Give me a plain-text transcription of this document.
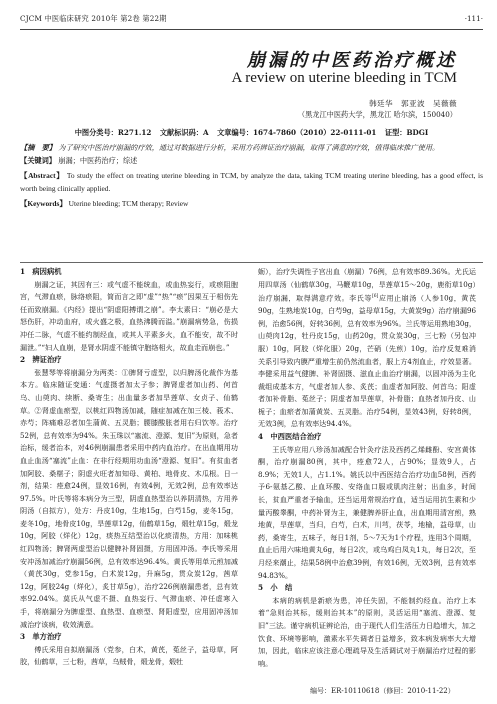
CJCM 中医临床研究 2010年 第2卷 第22期	·111·
崩漏的中医药治疗概述
A review on uterine bleeding in TCM
韩廷华　郭亚波　吴薇薇
（黑龙江中医药大学，黑龙江 哈尔滨，150040）
中图分类号：R271.12 文献标识码：A 文章编号：1674-7860（2010）22-0111-01 证型：BDGI

【摘　要】 为了研究中医治疗崩漏的疗效，通过对数据进行分析，采用方药辨证治疗崩漏，取得了满意的疗效，值得临床推广使用。

【关键词】 崩漏；中医药治疗；综述

【Abstract】 To study the effect on treating uterine bleeding in TCM, by analyze the data, taking TCM treating uterine bleeding, has a good effect, is worth being clinically applied.

【Keywords】 Uterine bleeding; TCM therapy; Review

1　病因病机

崩漏之证，其因有三：或气虚不能统血，或血热妄行，或瘀阻胞宫，气滞血瘀，脉络瘀阻，简而言之即“虚”“热”“瘀”因果互于相伤先任而致崩漏。《内经》提出“阴虚阳搏谓之崩”。李太素曰：“崩必是大怒伤肝，冲动血府，或火盛之极，血热沸腾而溢。”崩漏病势急，伤损冲任二脉，气虚不能约制经血，或其人平素多火，血不能安，故不时漏泄。”“妇人血崩，是肾水阴虚不能镇守胞络相火，故血走而崩也。”

2　辨证治疗

张慧琴等将崩漏分为两类：①脾肾亏虚型，以归脾汤化裁作为基本方。临床随证变通：气虚摄者加太子参；脾肾虚者加山药、何首乌、山萸肉、续断、桑寄生；出血量多者加旱莲草、女贞子、仙鹤草。②肾虚血瘀型，以桃红四物汤加减，随症加减在加三棱、莪术、赤芍；阵痛难忍者加生蒲黄、五灵脂；腰膝酸胀者用右归饮等。治疗52例，总有效率为94%。朱玉珠以“塞流、澄源、复旧”为原则，急者治标，缓者治本，对46例崩漏患者采用中药内血治疗。在出血期用功血止血汤“塞流”止血：在非行经期用功血汤“澄源、复旧”。有贫血者加阿胶、桑椹子；阴虚火旺者加知母、黄柏、地骨皮、木瓜根。日一剂，结果：痊愈24例，显效16例，有效4例，无效2例，总有效率达97.5%。叶氏等将本病分为三型，阴虚血热型治以养阴清热，方用养阴汤（自拟方），处方：丹皮10g，生地15g，白芍15g，麦冬15g，麦冬10g，地骨皮10g，旱莲草12g，仙鹤草15g，煅牡草15g，煅龙10g，阿胶（烊化）12g，痰热互结型治以化痰清热，方用：加味桃红四物汤；脾肾两虚型治以健脾补肾固摄，方用固冲汤。李氏等采用安冲汤加减治疗崩漏56例，总有效率达96.4%。黄氏等用单元煎加减（黄芪30g，党参15g，白术炭12g，升麻5g，贯众炭12g，茜草12g，阿胶24g（烊化），炙甘草5g），治疗226例崩漏患者，总有效率92.04%。莫氏从气虚不摄、血热妄行、气滞血瘀、冲任虚寒入手，将崩漏分为脾虚型、血热型、血瘀型、肾阳虚型，应用固冲汤加减治疗该病，收效满意。

3　单方治疗

傅氏采用自拟崩漏汤（党参，白术，黄芪，菟丝子，益母草，阿胶，仙鹤草，三七粉，茜草，乌贼骨，煅龙骨，煅牡

蛎），治疗失调性子宫出血（崩漏）76例，总有效率89.36%。尤氏运用四草汤（仙鹤草30g，马鞭草10g，旱莲草15～20g，鹿衔草10g）治疗崩漏，取得满意疗效。李氏等[6]应用止崩汤（人参10g，黄芪90g，生熟地炭10g，白芍9g，益母草15g，大黄炭9g）治疗崩漏96例，治愈56例，好转36例，总有效率为96%。兰氏等运用熟地30g，山萸肉12g，牡丹皮15g，山药20g，贯众炭30g，三七粉（另包冲服）10g，阿胶（烊化服）20g，芒硝（先煎）10g，治疗反复难消关系引导致内膜严重增生前仍然流血者，服上方4剂血止，疗效显著。李健采用益气健脾、补肾固摄、滋血止血治疗崩漏，以固冲汤为主化裁组成基本方，气虚者加人参、炙芪；血虚者加阿胶、何首乌；阳虚者加补骨脂、菟丝子；阴虚者加旱莲草，补骨脂；血热者加丹皮、山栀子；血瘀者加蒲黄炭、五灵脂。治疗54例，显效43例，好转8例，无效3例，总有效率达94.4%。

4　中西医结合治疗

王氏等应用八珍汤加减配合针灸疗法及西药乙烯雌酚、安宫黄体酮，治疗崩漏80例，其中，痊愈72人，占90%；显效9人，占8.9%；无效1人，占1.1%。姚氏以中西医结合治疗功血58例，西药予6-氨基乙酸、止血环酸、安络血口服或肌肉注射；出血多，时间长，贫血严重者予输血，还当运用常规治疗血，适当运用抗生素和少量丙酸睾酮，中药补肾为主，兼健脾养肝止血，出血期用清宫煎，熟地黄，旱莲草，当归，白芍，白术，川芎，茯苓，地榆，益母草，山药，桑寄生，五味子，每日1剂，5～7天为1个疗程，连用3个周期，血止后用六味地黄丸6g，每日2次，或乌鸡白凤丸1丸，每日2次，至月经来潮止，结果58例中治愈39例，有效16例，无效3例，总有效率94.83%。

5　小　结

本病的病机是新瘀为患，冲任失固，不能制约经血。治疗上本着“急则治其标，缓则治其本”的原则，灵活运用“塞流、澄源、复旧”三法。谨守病机证辨论治，由于现代人们生活压力日趋增大，加之饮食、环境等影响，激素水平失调者日益增多，致本病发病率大大增加，因此，临床应该注意心理疏导及生活调试对于崩漏治疗过程的影响。

编号：ER-10110618（修回：2010-11-22）
